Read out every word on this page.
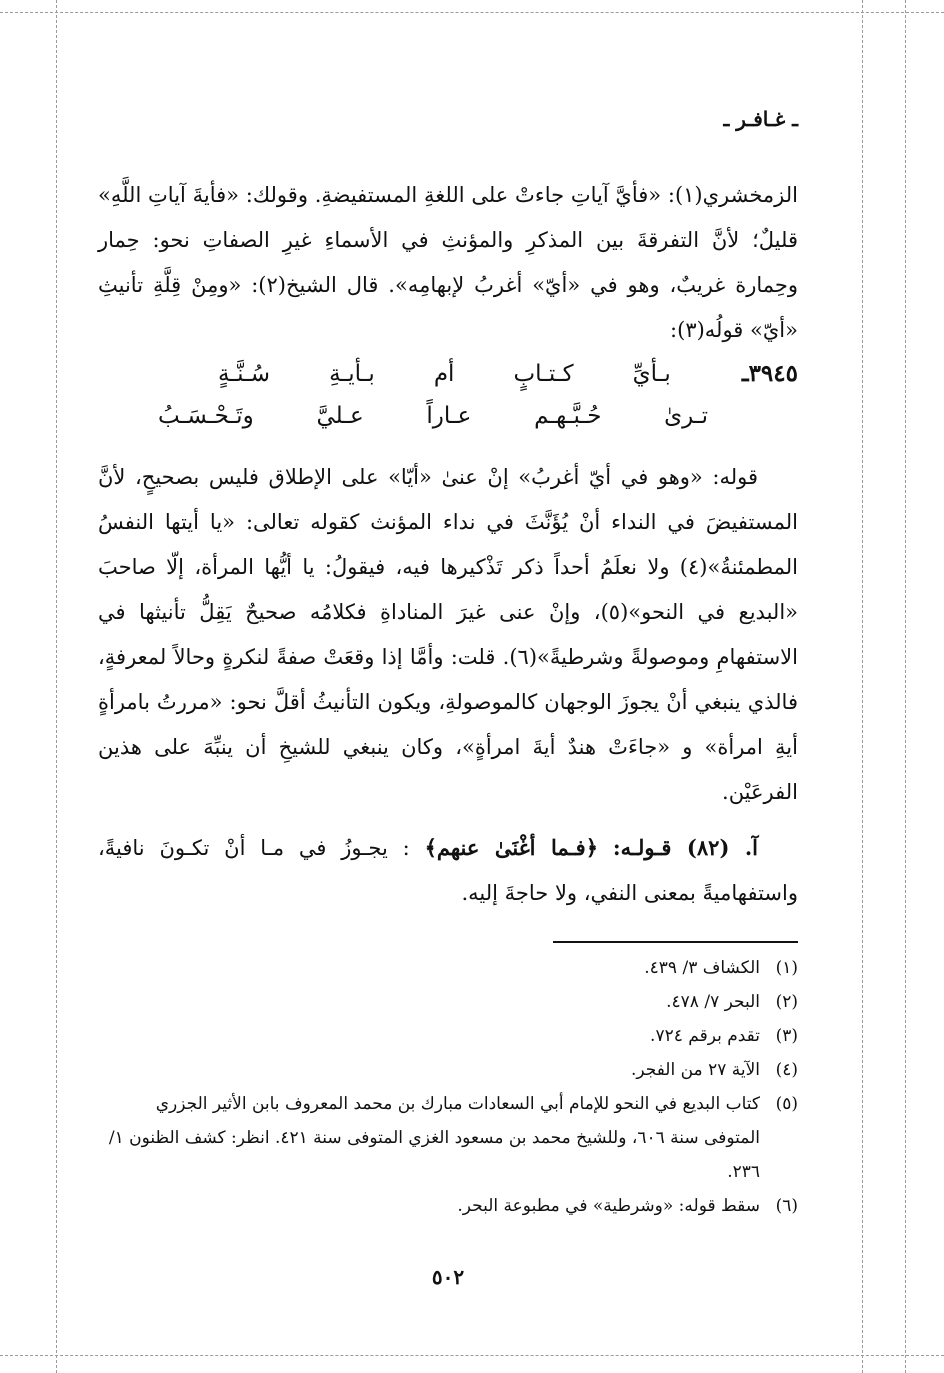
ـ غـافـر ـ

الزمخشري(١): «فأيَّ آياتِ جاءتْ على اللغةِ المستفيضةِ. وقولك: «فأيةَ آياتِ اللَّهِ» قليلٌ؛ لأنَّ التفرقةَ بين المذكرِ والمؤنثِ في الأسماءِ غيرِ الصفاتِ نحو: حِمار وحِمارة غريبٌ، وهو في «أيّ» أغربُ لإبهامِه». قال الشيخ(٢): «ومِنْ قِلَّةِ تأنيثِ «أيّ» قولُه(٣):

٣٩٤٥ـ
بـأيِّ
كـتـابٍ
أم
بـأيـةِ
سُـنَّـةٍ
تـرىٰ
حُـبَّـهـم
عـاراً
عـليَّ
وتَـحْـسَـبُ

قوله: «وهو في أيّ أغربُ» إنْ عنىٰ «أيّا» على الإطلاق فليس بصحيحٍ، لأنَّ المستفيضَ في النداء أنْ يُؤَنَّثَ في نداء المؤنث كقوله تعالى: «يا أيتها النفسُ المطمئنةُ»(٤) ولا نعلَمُ أحداً ذكر تَذْكيرها فيه، فيقولُ: يا أيُّها المرأة، إلّا صاحبَ «البديع في النحو»(٥)، وإنْ عنى غيرَ المناداةِ فكلامُه صحيحٌ يَقِلُّ تأنيثها في الاستفهامِ وموصولةً وشرطيةً»(٦). قلت: وأمَّا إذا وقعَتْ صفةً لنكرةٍ وحالاً لمعرفةٍ، فالذي ينبغي أنْ يجوزَ الوجهان كالموصولةِ، ويكون التأنيثُ أقلَّ نحو: «مررتُ بامرأةٍ أيةِ امرأة» و «جاءَتْ هندٌ أيةَ امرأةٍ»، وكان ينبغي للشيخِ أن ينبِّهَ على هذين الفرعَيْن.

آ. (٨٢) قـولـه: ﴿فـما أغْنَىٰ عنهم﴾ : يجـوزُ في مـا أنْ تكـونَ نافيةً، واستفهاميةً بمعنى النفي، ولا حاجةَ إليه.

(١)
الكشاف ٣/ ٤٣٩.
(٢)
البحر ٧/ ٤٧٨.
(٣)
تقدم برقم ٧٢٤.
(٤)
الآية ٢٧ من الفجر.
(٥)
كتاب البديع في النحو للإمام أبي السعادات مبارك بن محمد المعروف بابن الأثير الجزري المتوفى سنة ٦٠٦، وللشيخ محمد بن مسعود الغزي المتوفى سنة ٤٢١. انظر: كشف الظنون ١/ ٢٣٦.
(٦)
سقط قوله: «وشرطية» في مطبوعة البحر.
٥٠٢
